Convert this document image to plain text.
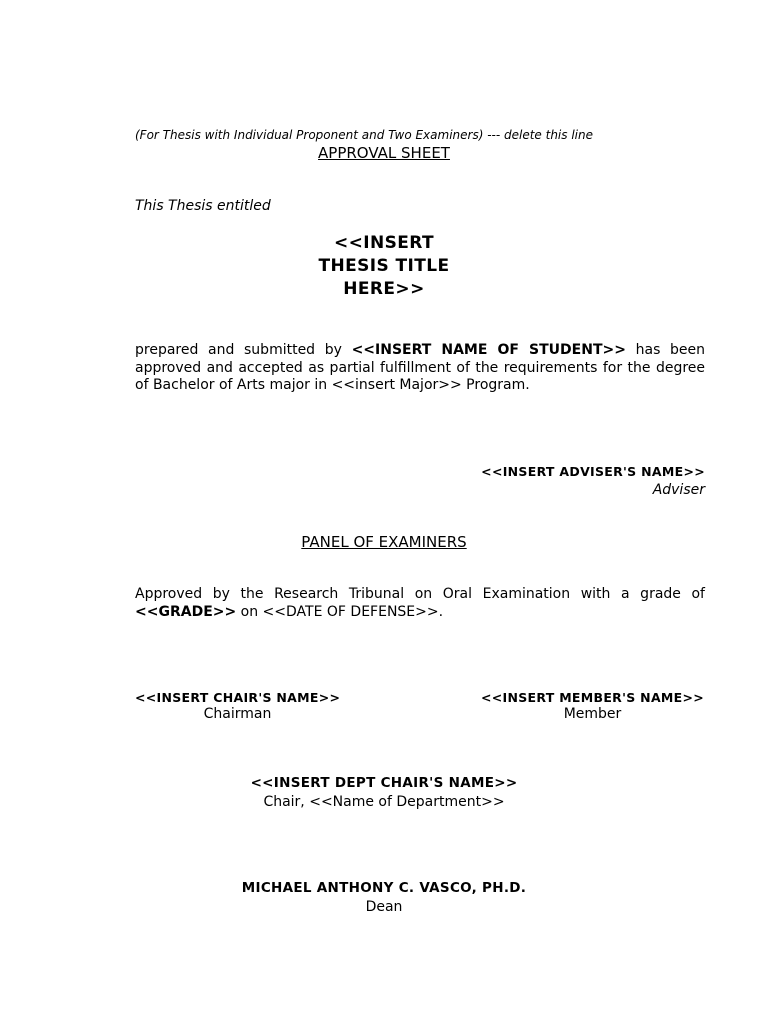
(For Thesis with Individual Proponent and Two Examiners) --- delete this line
APPROVAL SHEET
This Thesis entitled
<<INSERT
THESIS TITLE
HERE>>
prepared and submitted by <<INSERT NAME OF STUDENT>> has been approved and accepted as partial fulfillment of the requirements for the degree of Bachelor of Arts major in <<insert Major>> Program.
<<INSERT ADVISER'S NAME>>
Adviser
PANEL OF EXAMINERS
Approved by the Research Tribunal on Oral Examination with a grade of <<GRADE>> on <<DATE OF DEFENSE>>.
<<INSERT CHAIR'S NAME>>
Chairman
<<INSERT MEMBER'S NAME>>
Member
<<INSERT DEPT CHAIR'S NAME>>
Chair, <<Name of Department>>
MICHAEL ANTHONY C. VASCO, PH.D.
Dean
